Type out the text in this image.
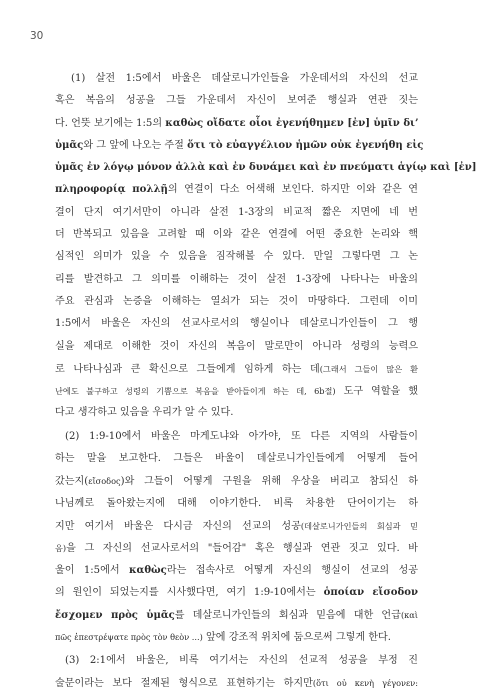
30
(1) 살전 1:5에서 바울은 데살로니가인들을 가운데서의 자신의 선교
혹은 복음의 성공을 그들 가운데서 자신이 보여준 행실과 연관 짓는
다. 언뜻 보기에는 1:5의 καθὼς οἴδατε οἷοι ἐγενήθημεν [ἐν] ὑμῖν δι’
ὑμᾶς와 그 앞에 나오는 주절 ὅτι τὸ εὐαγγέλιον ἡμῶν οὐκ ἐγενήθη εἰς
ὑμᾶς ἐν λόγῳ μόνον ἀλλὰ καὶ ἐν δυνάμει καὶ ἐν πνεύματι ἁγίῳ καὶ [ἐν]
πληροφορίᾳ πολλῇ의 연결이 다소 어색해 보인다. 하지만 이와 같은 연
결이 단지 여기서만이 아니라 살전 1-3장의 비교적 짧은 지면에 네 번
더 반복되고 있음을 고려할 때 이와 같은 연결에 어떤 중요한 논리와 핵
심적인 의미가 있을 수 있음을 짐작해볼 수 있다. 만일 그렇다면 그 논
리를 발견하고 그 의미를 이해하는 것이 살전 1-3장에 나타나는 바울의
주요 관심과 논증을 이해하는 열쇠가 되는 것이 마땅하다. 그런데 이미
1:5에서 바울은 자신의 선교사로서의 행실이나 데살로니가인들이 그 행
실을 제대로 이해한 것이 자신의 복음이 말로만이 아니라 성령의 능력으
로 나타나심과 큰 확신으로 그들에게 임하게 하는 데(그래서 그들이 많은 환
난에도 불구하고 성령의 기쁨으로 복음을 받아들이게 하는 데, 6b절) 도구 역할을 했
다고 생각하고 있음을 우리가 알 수 있다.
(2) 1:9-10에서 바울은 마게도냐와 아가야, 또 다른 지역의 사람들이
하는 말을 보고한다. 그들은 바울이 데살로니가인들에게 어떻게 들어
갔는지(εἴσοδος)와 그들이 어떻게 구원을 위해 우상을 버리고 참되신 하
나님께로 돌아왔는지에 대해 이야기한다. 비록 차용한 단어이기는 하
지만 여기서 바울은 다시금 자신의 선교의 성공(데살로니가인들의 회심과 믿
음)을 그 자신의 선교사로서의 "들어감" 혹은 행실과 연관 짓고 있다. 바
울이 1:5에서 καθὼς라는 접속사로 어떻게 자신의 행실이 선교의 성공
의 원인이 되었는지를 시사했다면, 여기 1:9-10에서는 ὁποίαν εἴσοδον
ἔσχομεν πρὸς ὑμᾶς를 데살로니가인들의 회심과 믿음에 대한 언급(καὶ
πῶς ἐπεστρέψατε πρὸς τὸν θεὸν ...) 앞에 강조적 위치에 둠으로써 그렇게 한다.
(3) 2:1에서 바울은, 비록 여기서는 자신의 선교적 성공을 부정 진
술문이라는 보다 절제된 형식으로 표현하기는 하지만(ὅτι οὐ κενὴ γέγονεν:
